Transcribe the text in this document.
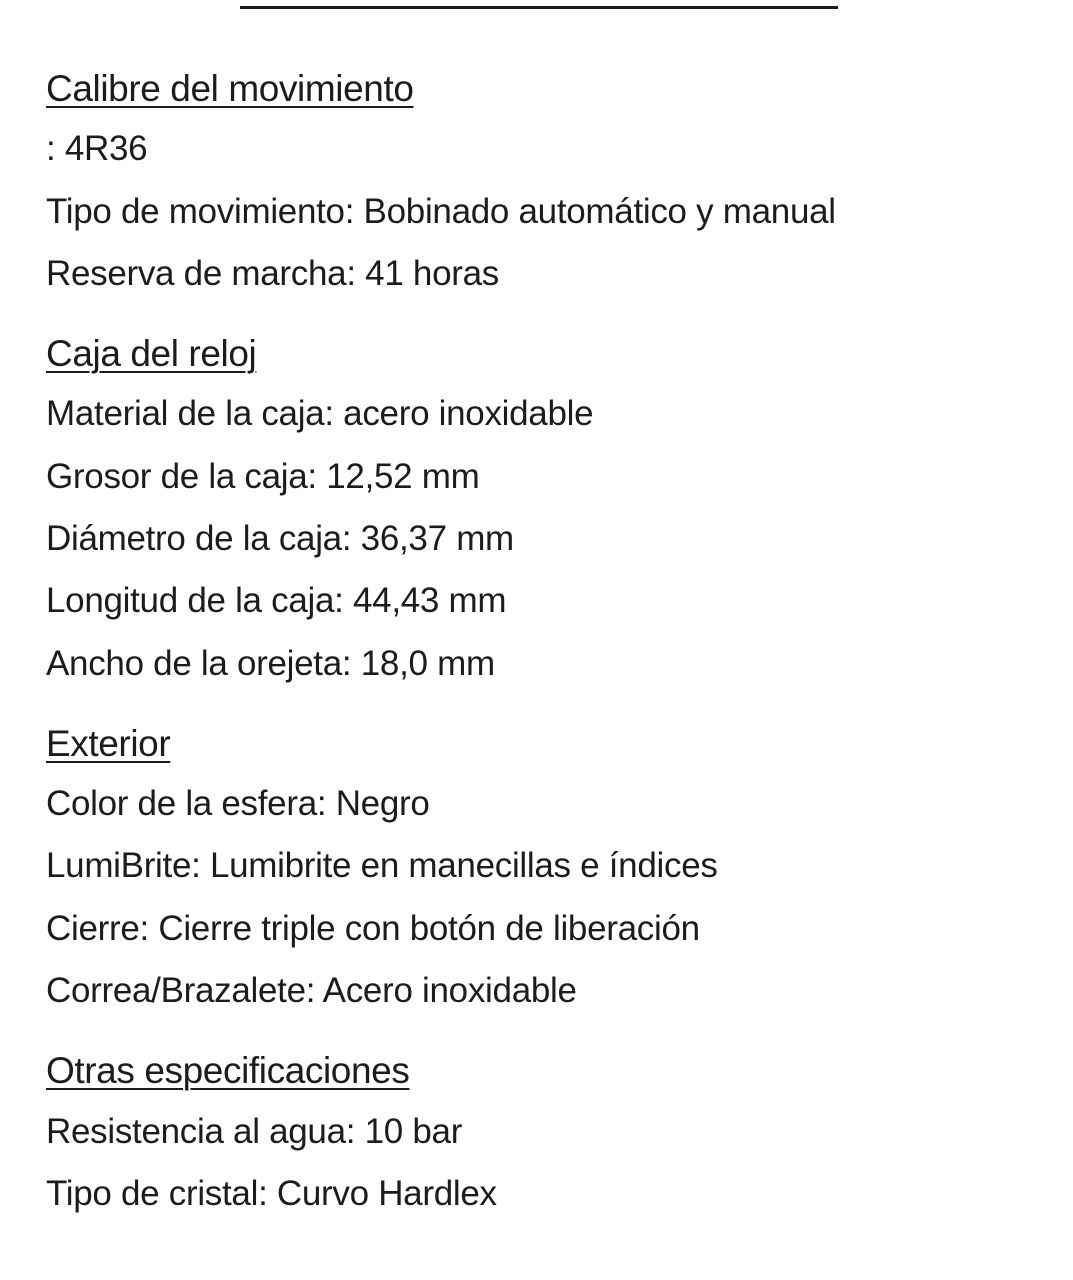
Calibre del movimiento
: 4R36
Tipo de movimiento: Bobinado automático y manual
Reserva de marcha: 41 horas
Caja del reloj
Material de la caja: acero inoxidable
Grosor de la caja: 12,52 mm
Diámetro de la caja: 36,37 mm
Longitud de la caja: 44,43 mm
Ancho de la orejeta: 18,0 mm
Exterior
Color de la esfera: Negro
LumiBrite: Lumibrite en manecillas e índices
Cierre: Cierre triple con botón de liberación
Correa/Brazalete: Acero inoxidable
Otras especificaciones
Resistencia al agua: 10 bar
Tipo de cristal: Curvo Hardlex
